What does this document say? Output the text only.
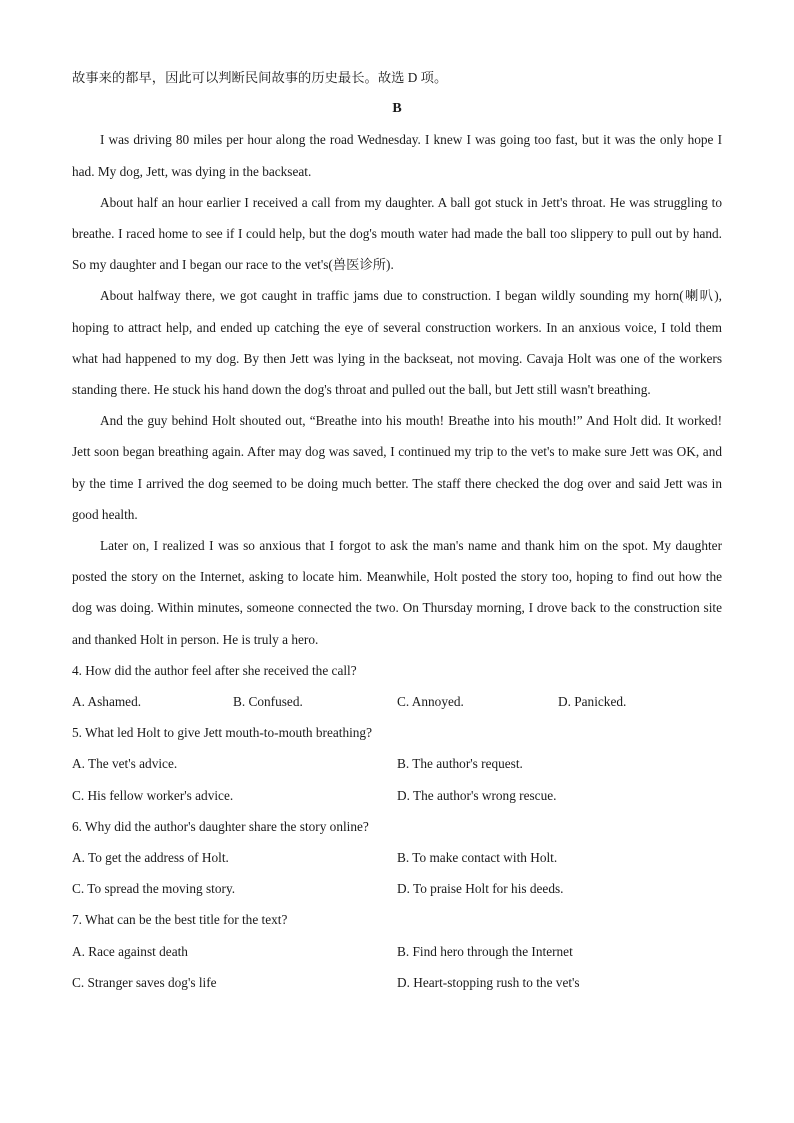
故事来的都早，因此可以判断民间故事的历史最长。故选 D 项。

B

I was driving 80 miles per hour along the road Wednesday. I knew I was going too fast, but it was the only hope I had. My dog, Jett, was dying in the backseat.

About half an hour earlier I received a call from my daughter. A ball got stuck in Jett's throat. He was struggling to breathe. I raced home to see if I could help, but the dog's mouth water had made the ball too slippery to pull out by hand. So my daughter and I began our race to the vet's(兽医诊所).

About halfway there, we got caught in traffic jams due to construction. I began wildly sounding my horn(喇叭), hoping to attract help, and ended up catching the eye of several construction workers. In an anxious voice, I told them what had happened to my dog. By then Jett was lying in the backseat, not moving. Cavaja Holt was one of the workers standing there. He stuck his hand down the dog's throat and pulled out the ball, but Jett still wasn't breathing.

And the guy behind Holt shouted out, “Breathe into his mouth! Breathe into his mouth!” And Holt did. It worked! Jett soon began breathing again. After may dog was saved, I continued my trip to the vet's to make sure Jett was OK, and by the time I arrived the dog seemed to be doing much better. The staff there checked the dog over and said Jett was in good health.

Later on, I realized I was so anxious that I forgot to ask the man's name and thank him on the spot. My daughter posted the story on the Internet, asking to locate him. Meanwhile, Holt posted the story too, hoping to find out how the dog was doing. Within minutes, someone connected the two. On Thursday morning, I drove back to the construction site and thanked Holt in person. He is truly a hero.

4. How did the author feel after she received the call?

A. Ashamed.	B. Confused.	C. Annoyed.	D. Panicked.

5. What led Holt to give Jett mouth-to-mouth breathing?

A. The vet's advice.	B. The author's request.
C. His fellow worker's advice.	D. The author's wrong rescue.

6. Why did the author's daughter share the story online?

A. To get the address of Holt.	B. To make contact with Holt.
C. To spread the moving story.	D. To praise Holt for his deeds.

7. What can be the best title for the text?

A. Race against death	B. Find hero through the Internet
C. Stranger saves dog's life	D. Heart-stopping rush to the vet's
